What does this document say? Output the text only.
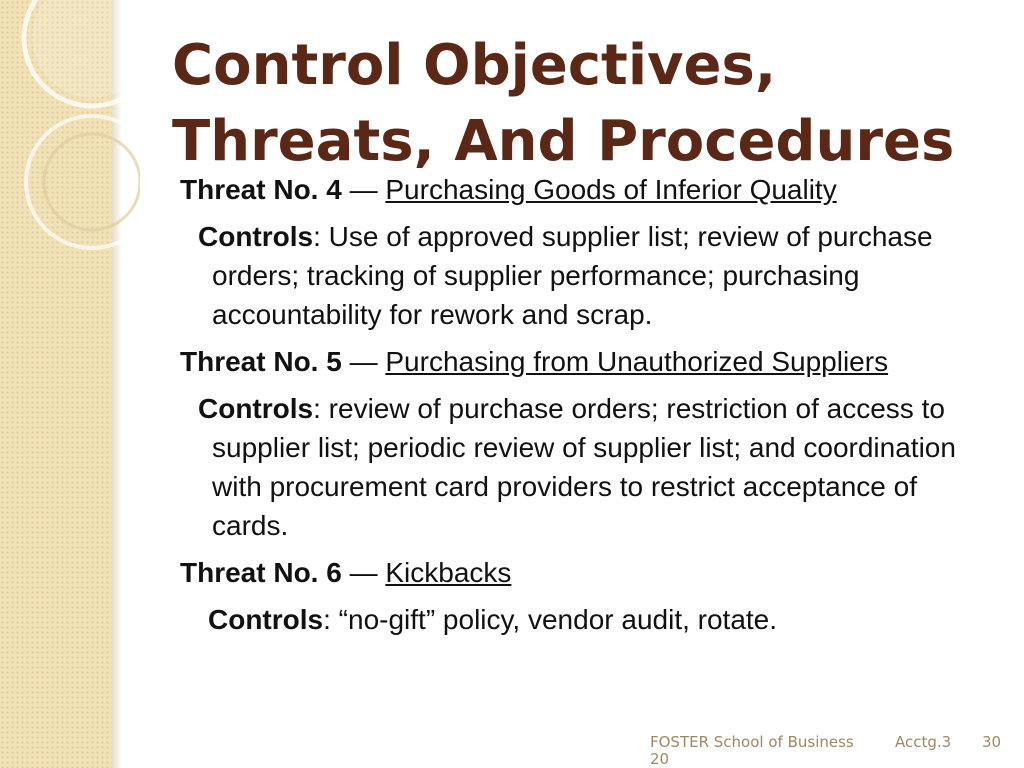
Control Objectives,
Threats, And Procedures

Threat No. 4 — Purchasing Goods of Inferior Quality

Controls: Use of approved supplier list; review of purchase orders; tracking of supplier performance; purchasing accountability for rework and scrap.

Threat No. 5 — Purchasing from Unauthorized Suppliers

Controls: review of purchase orders; restriction of access to supplier list; periodic review of supplier list; and coordination with procurement card providers to restrict acceptance of cards.

Threat No. 6 — Kickbacks

Controls: “no-gift” policy, vendor audit, rotate.

FOSTER School of Business	Acctg.3 30
20
